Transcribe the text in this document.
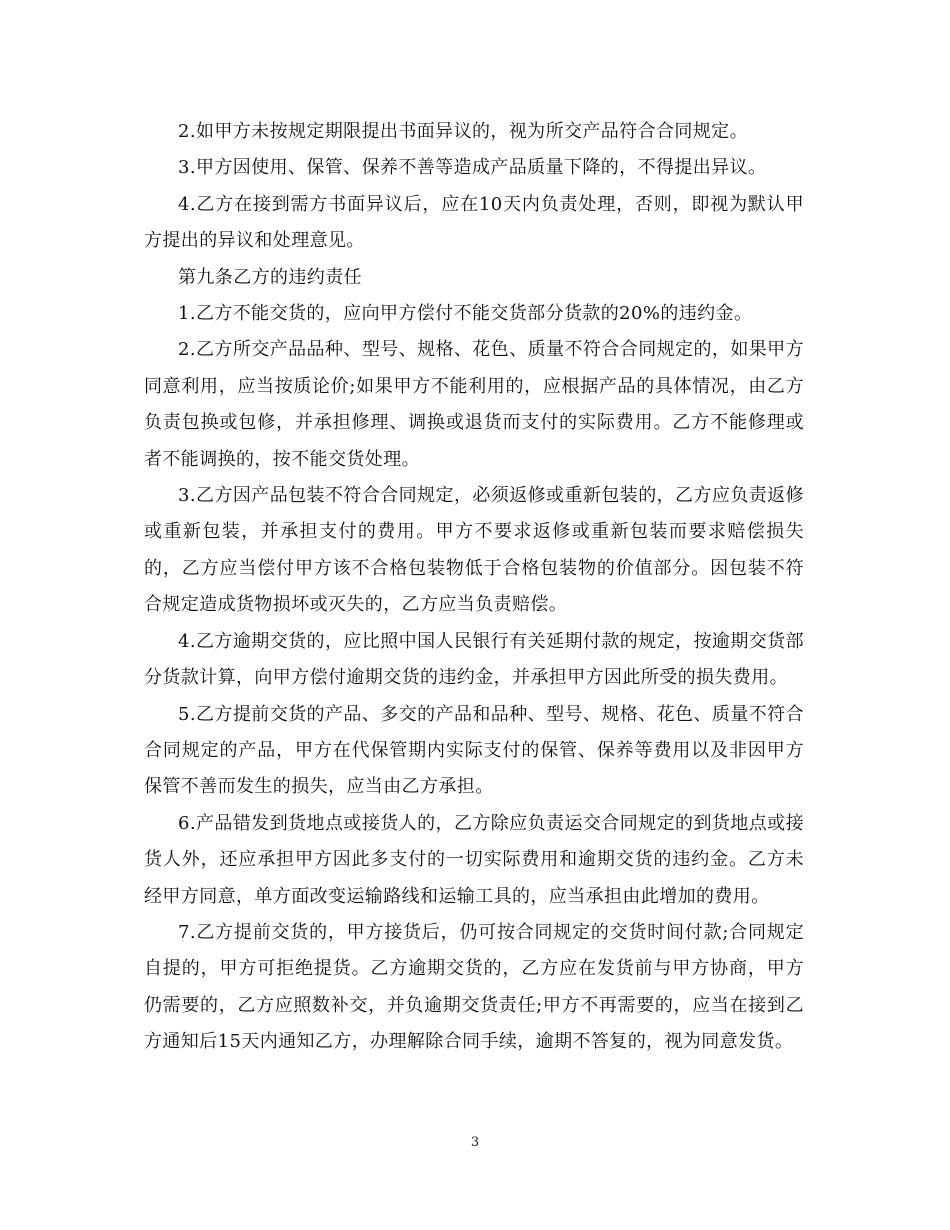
2.如甲方未按规定期限提出书面异议的，视为所交产品符合合同规定。

3.甲方因使用、保管、保养不善等造成产品质量下降的，不得提出异议。

4.乙方在接到需方书面异议后，应在10天内负责处理，否则，即视为默认甲方提出的异议和处理意见。

第九条乙方的违约责任

1.乙方不能交货的，应向甲方偿付不能交货部分货款的20%的违约金。

2.乙方所交产品品种、型号、规格、花色、质量不符合合同规定的，如果甲方同意利用，应当按质论价;如果甲方不能利用的，应根据产品的具体情况，由乙方负责包换或包修，并承担修理、调换或退货而支付的实际费用。乙方不能修理或者不能调换的，按不能交货处理。

3.乙方因产品包装不符合合同规定，必须返修或重新包装的，乙方应负责返修或重新包装，并承担支付的费用。甲方不要求返修或重新包装而要求赔偿损失的，乙方应当偿付甲方该不合格包装物低于合格包装物的价值部分。因包装不符合规定造成货物损坏或灭失的，乙方应当负责赔偿。

4.乙方逾期交货的，应比照中国人民银行有关延期付款的规定，按逾期交货部分货款计算，向甲方偿付逾期交货的违约金，并承担甲方因此所受的损失费用。

5.乙方提前交货的产品、多交的产品和品种、型号、规格、花色、质量不符合合同规定的产品，甲方在代保管期内实际支付的保管、保养等费用以及非因甲方保管不善而发生的损失，应当由乙方承担。

6.产品错发到货地点或接货人的，乙方除应负责运交合同规定的到货地点或接货人外，还应承担甲方因此多支付的一切实际费用和逾期交货的违约金。乙方未经甲方同意，单方面改变运输路线和运输工具的，应当承担由此增加的费用。

7.乙方提前交货的，甲方接货后，仍可按合同规定的交货时间付款;合同规定自提的，甲方可拒绝提货。乙方逾期交货的，乙方应在发货前与甲方协商，甲方仍需要的，乙方应照数补交，并负逾期交货责任;甲方不再需要的，应当在接到乙方通知后15天内通知乙方，办理解除合同手续，逾期不答复的，视为同意发货。

3
